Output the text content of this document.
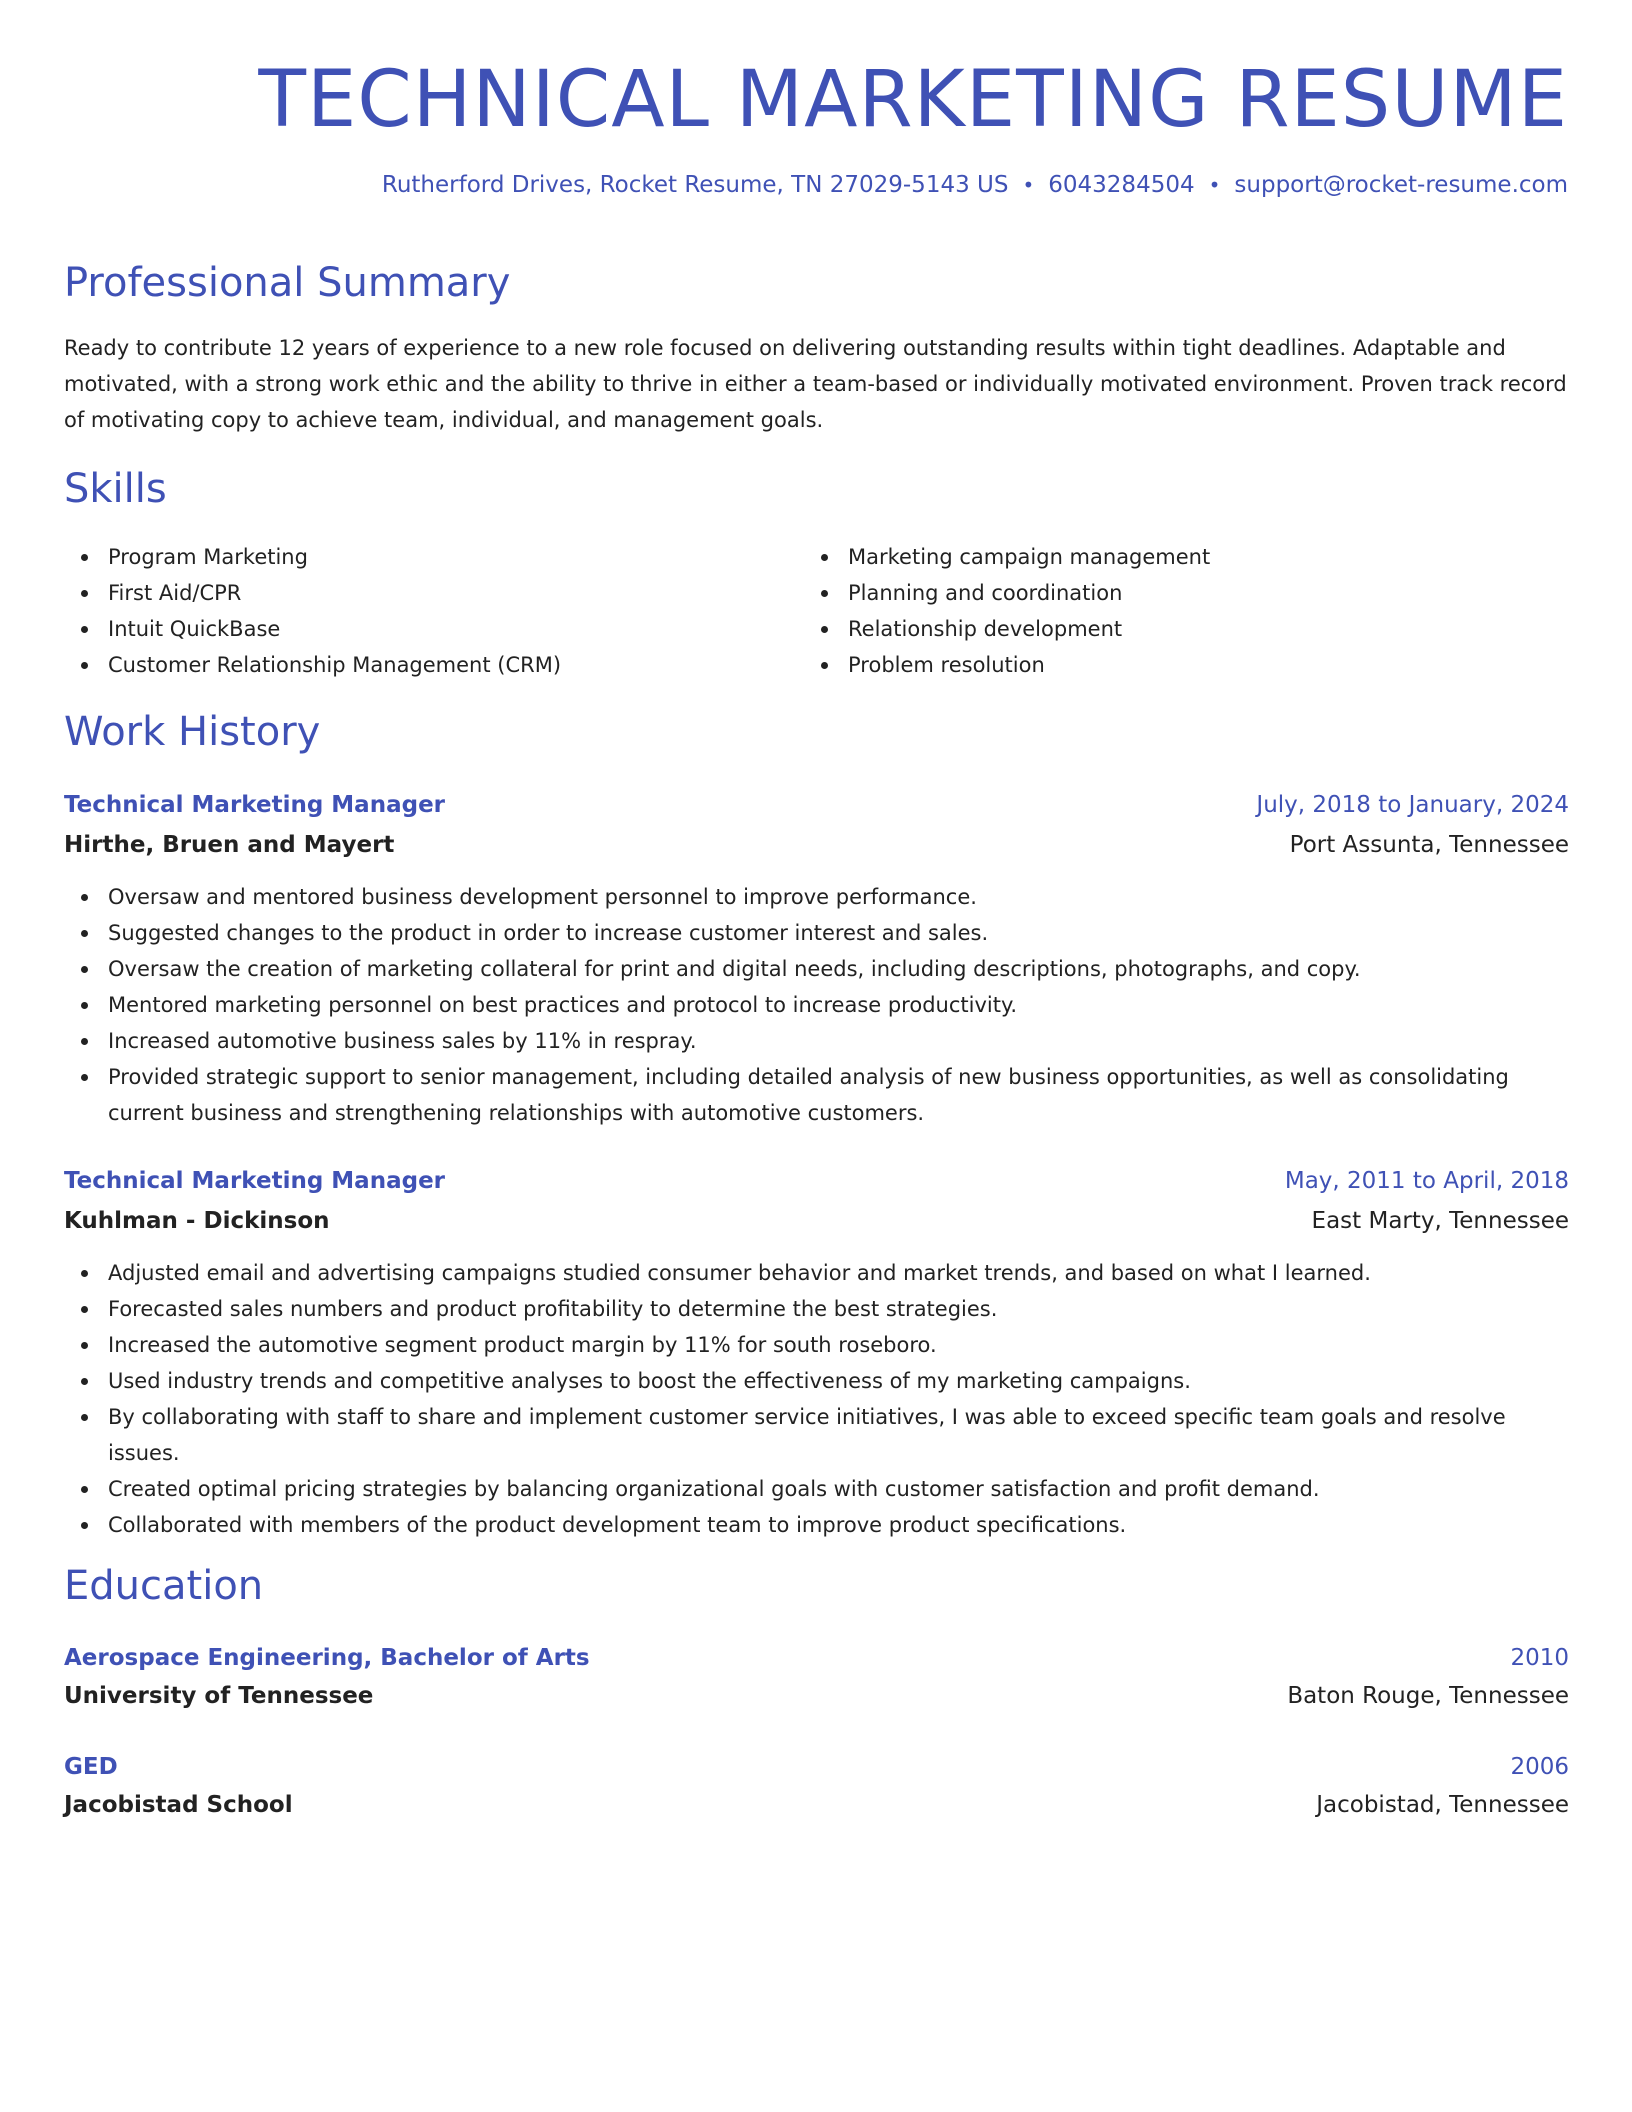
TECHNICAL MARKETING RESUME
Rutherford Drives, Rocket Resume, TN 27029-5143 US • 6043284504 • support@rocket-resume.com
Professional Summary

Ready to contribute 12 years of experience to a new role focused on delivering outstanding results within tight deadlines. Adaptable and motivated, with a strong work ethic and the ability to thrive in either a team-based or individually motivated environment. Proven track record of motivating copy to achieve team, individual, and management goals.

Skills
Program Marketing
First Aid/CPR
Intuit QuickBase
Customer Relationship Management (CRM)
Marketing campaign management
Planning and coordination
Relationship development
Problem resolution
Work History
Technical Marketing Manager	July, 2018 to January, 2024
Hirthe, Bruen and Mayert	Port Assunta, Tennessee
Oversaw and mentored business development personnel to improve performance.
Suggested changes to the product in order to increase customer interest and sales.
Oversaw the creation of marketing collateral for print and digital needs, including descriptions, photographs, and copy.
Mentored marketing personnel on best practices and protocol to increase productivity.
Increased automotive business sales by 11% in respray.
Provided strategic support to senior management, including detailed analysis of new business opportunities, as well as consolidating current business and strengthening relationships with automotive customers.
Technical Marketing Manager	May, 2011 to April, 2018
Kuhlman - Dickinson	East Marty, Tennessee
Adjusted email and advertising campaigns studied consumer behavior and market trends, and based on what I learned.
Forecasted sales numbers and product profitability to determine the best strategies.
Increased the automotive segment product margin by 11% for south roseboro.
Used industry trends and competitive analyses to boost the effectiveness of my marketing campaigns.
By collaborating with staff to share and implement customer service initiatives, I was able to exceed specific team goals and resolve issues.
Created optimal pricing strategies by balancing organizational goals with customer satisfaction and profit demand.
Collaborated with members of the product development team to improve product specifications.
Education
Aerospace Engineering, Bachelor of Arts	2010
University of Tennessee	Baton Rouge, Tennessee
GED	2006
Jacobistad School	Jacobistad, Tennessee
